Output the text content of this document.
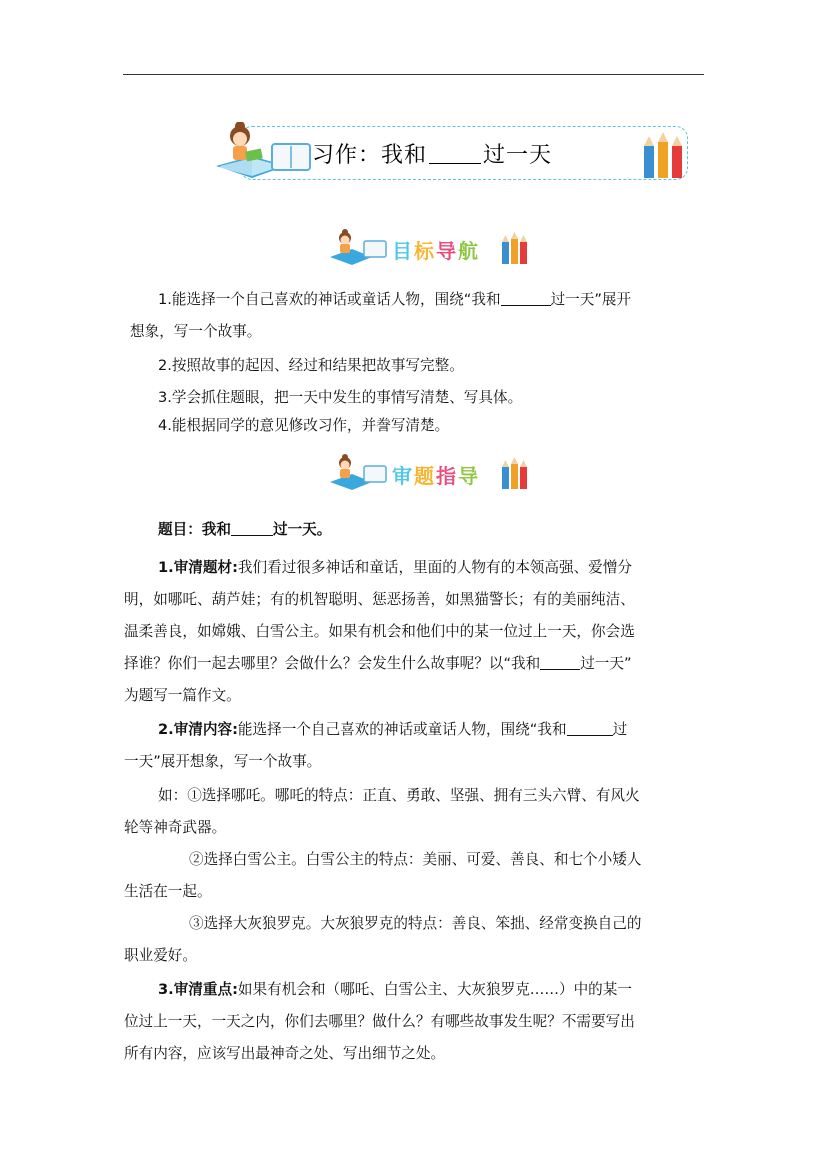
习作：我和	过一天
目标导航
1.能选择一个自己喜欢的神话或童话人物，围绕“我和	过一天”展开
想象，写一个故事。
2.按照故事的起因、经过和结果把故事写完整。
3.学会抓住题眼，把一天中发生的事情写清楚、写具体。
4.能根据同学的意见修改习作，并誊写清楚。
审题指导
题目：我和	过一天。
1.审清题材:我们看过很多神话和童话，里面的人物有的本领高强、爱憎分
明，如哪吒、葫芦娃；有的机智聪明、惩恶扬善，如黑猫警长；有的美丽纯洁、
温柔善良，如嫦娥、白雪公主。如果有机会和他们中的某一位过上一天，你会选
择谁？你们一起去哪里？会做什么？会发生什么故事呢？以“我和	过一天”
为题写一篇作文。
2.审清内容:能选择一个自己喜欢的神话或童话人物，围绕“我和	过
一天”展开想象，写一个故事。
如：①选择哪吒。哪吒的特点：正直、勇敢、坚强、拥有三头六臂、有风火
轮等神奇武器。
②选择白雪公主。白雪公主的特点：美丽、可爱、善良、和七个小矮人
生活在一起。
③选择大灰狼罗克。大灰狼罗克的特点：善良、笨拙、经常变换自己的
职业爱好。
3.审清重点:如果有机会和（哪吒、白雪公主、大灰狼罗克……）中的某一
位过上一天，一天之内，你们去哪里？做什么？有哪些故事发生呢？不需要写出
所有内容，应该写出最神奇之处、写出细节之处。
